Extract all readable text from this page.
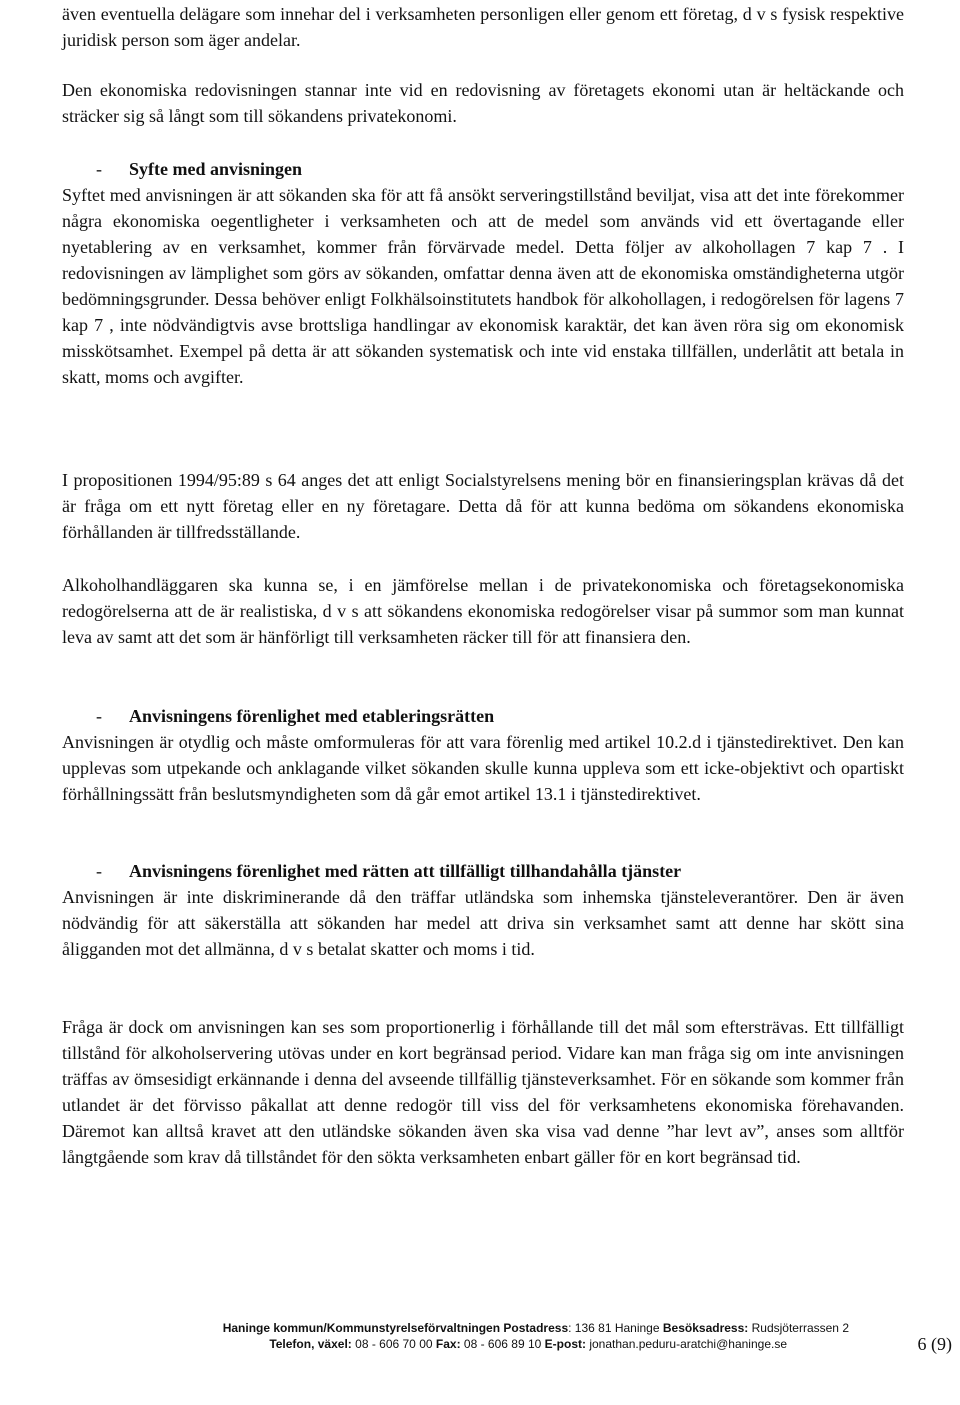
även eventuella delägare som innehar del i verksamheten personligen eller genom ett företag, d v s fysisk respektive juridisk person som äger andelar.

Den ekonomiska redovisningen stannar inte vid en redovisning av företagets ekonomi utan är heltäckande och sträcker sig så långt som till sökandens privatekonomi.

- Syfte med anvisningen

Syftet med anvisningen är att sökanden ska för att få ansökt serveringstillstånd beviljat, visa att det inte förekommer några ekonomiska oegentligheter i verksamheten och att de medel som används vid ett övertagande eller nyetablering av en verksamhet, kommer från förvärvade medel. Detta följer av alkohollagen 7 kap 7 . I redovisningen av lämplighet som görs av sökanden, omfattar denna även att de ekonomiska omständigheterna utgör bedömningsgrunder. Dessa behöver enligt Folkhälsoinstitutets handbok för alkohollagen, i redogörelsen för lagens 7 kap 7 , inte nödvändigtvis avse brottsliga handlingar av ekonomisk karaktär, det kan även röra sig om ekonomisk misskötsamhet. Exempel på detta är att sökanden systematisk och inte vid enstaka tillfällen, underlåtit att betala in skatt, moms och avgifter.

I propositionen 1994/95:89 s 64 anges det att enligt Socialstyrelsens mening bör en finansieringsplan krävas då det är fråga om ett nytt företag eller en ny företagare. Detta då för att kunna bedöma om sökandens ekonomiska förhållanden är tillfredsställande.

Alkoholhandläggaren ska kunna se, i en jämförelse mellan i de privatekonomiska och företagsekonomiska redogörelserna att de är realistiska, d v s att sökandens ekonomiska redogörelser visar på summor som man kunnat leva av samt att det som är hänförligt till verksamheten räcker till för att finansiera den.

- Anvisningens förenlighet med etableringsrätten

Anvisningen är otydlig och måste omformuleras för att vara förenlig med artikel 10.2.d i tjänstedirektivet. Den kan upplevas som utpekande och anklagande vilket sökanden skulle kunna uppleva som ett icke-objektivt och opartiskt förhållningssätt från beslutsmyndigheten som då går emot artikel 13.1 i tjänstedirektivet.

- Anvisningens förenlighet med rätten att tillfälligt tillhandahålla tjänster

Anvisningen är inte diskriminerande då den träffar utländska som inhemska tjänsteleverantörer. Den är även nödvändig för att säkerställa att sökanden har medel att driva sin verksamhet samt att denne har skött sina åligganden mot det allmänna, d v s betalat skatter och moms i tid.

Fråga är dock om anvisningen kan ses som proportionerlig i förhållande till det mål som eftersträvas. Ett tillfälligt tillstånd för alkoholservering utövas under en kort begränsad period. Vidare kan man fråga sig om inte anvisningen träffas av ömsesidigt erkännande i denna del avseende tillfällig tjänsteverksamhet. För en sökande som kommer från utlandet är det förvisso påkallat att denne redogör till viss del för verksamhetens ekonomiska förehavanden. Däremot kan alltså kravet att den utländske sökanden även ska visa vad denne ”har levt av”, anses som alltför långtgående som krav då tillståndet för den sökta verksamheten enbart gäller för en kort begränsad tid.

Haninge kommun/Kommunstyrelseförvaltningen Postadress: 136 81 Haninge Besöksadress: Rudsjöterrassen 2
Telefon, växel: 08 - 606 70 00 Fax: 08 - 606 89 10 E-post: jonathan.peduru-aratchi@haninge.se	6 (9)
